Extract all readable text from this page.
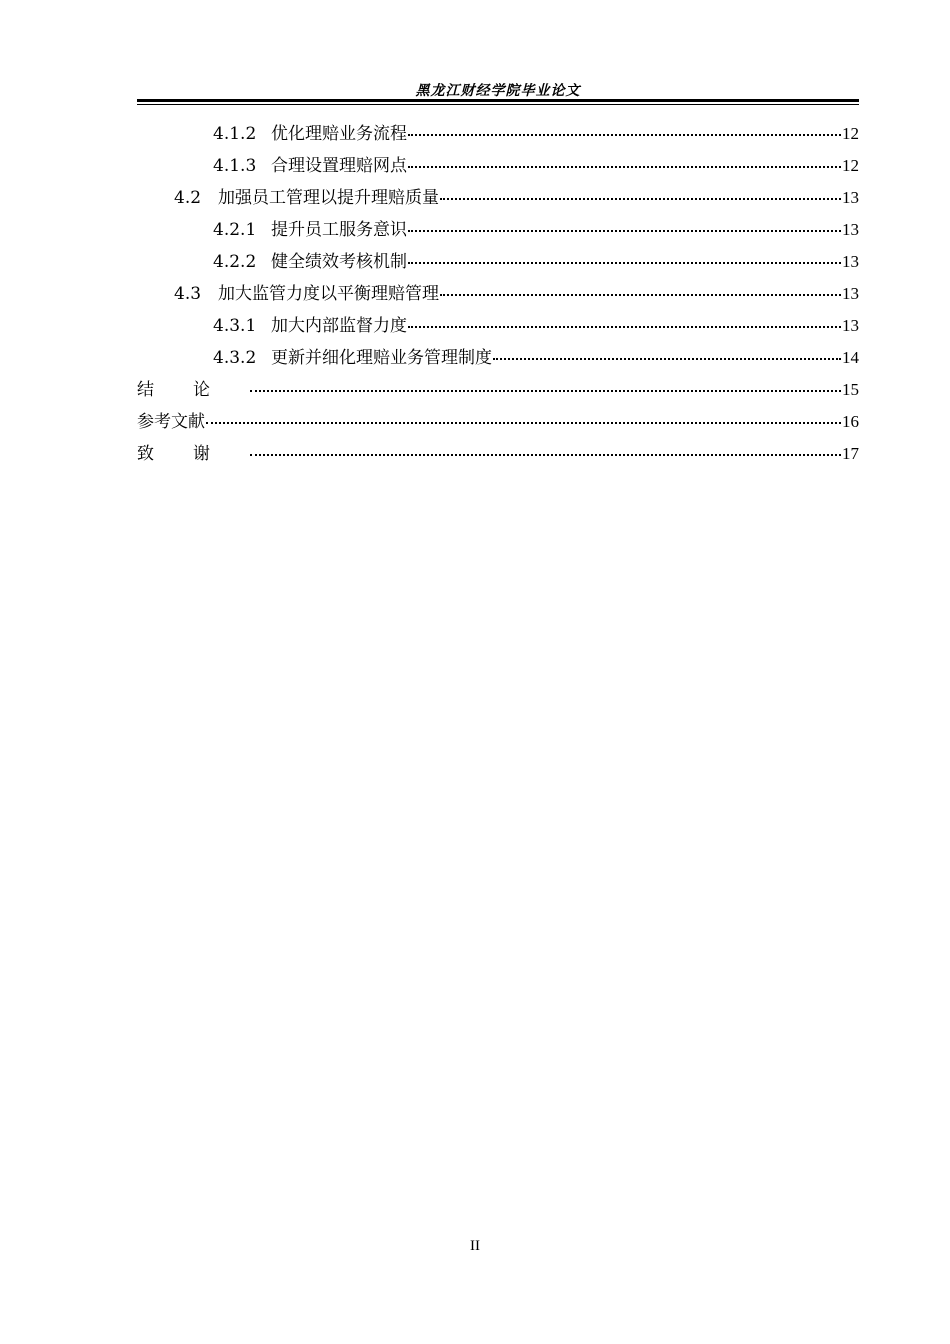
黑龙江财经学院毕业论文
4.1.2 优化理赔业务流程	12
4.1.3 合理设置理赔网点	12
4.2 加强员工管理以提升理赔质量	13
4.2.1 提升员工服务意识	13
4.2.2 健全绩效考核机制	13
4.3 加大监管力度以平衡理赔管理	13
4.3.1 加大内部监督力度	13
4.3.2 更新并细化理赔业务管理制度	14
结论	15
参考文献	16
致谢	17
II
